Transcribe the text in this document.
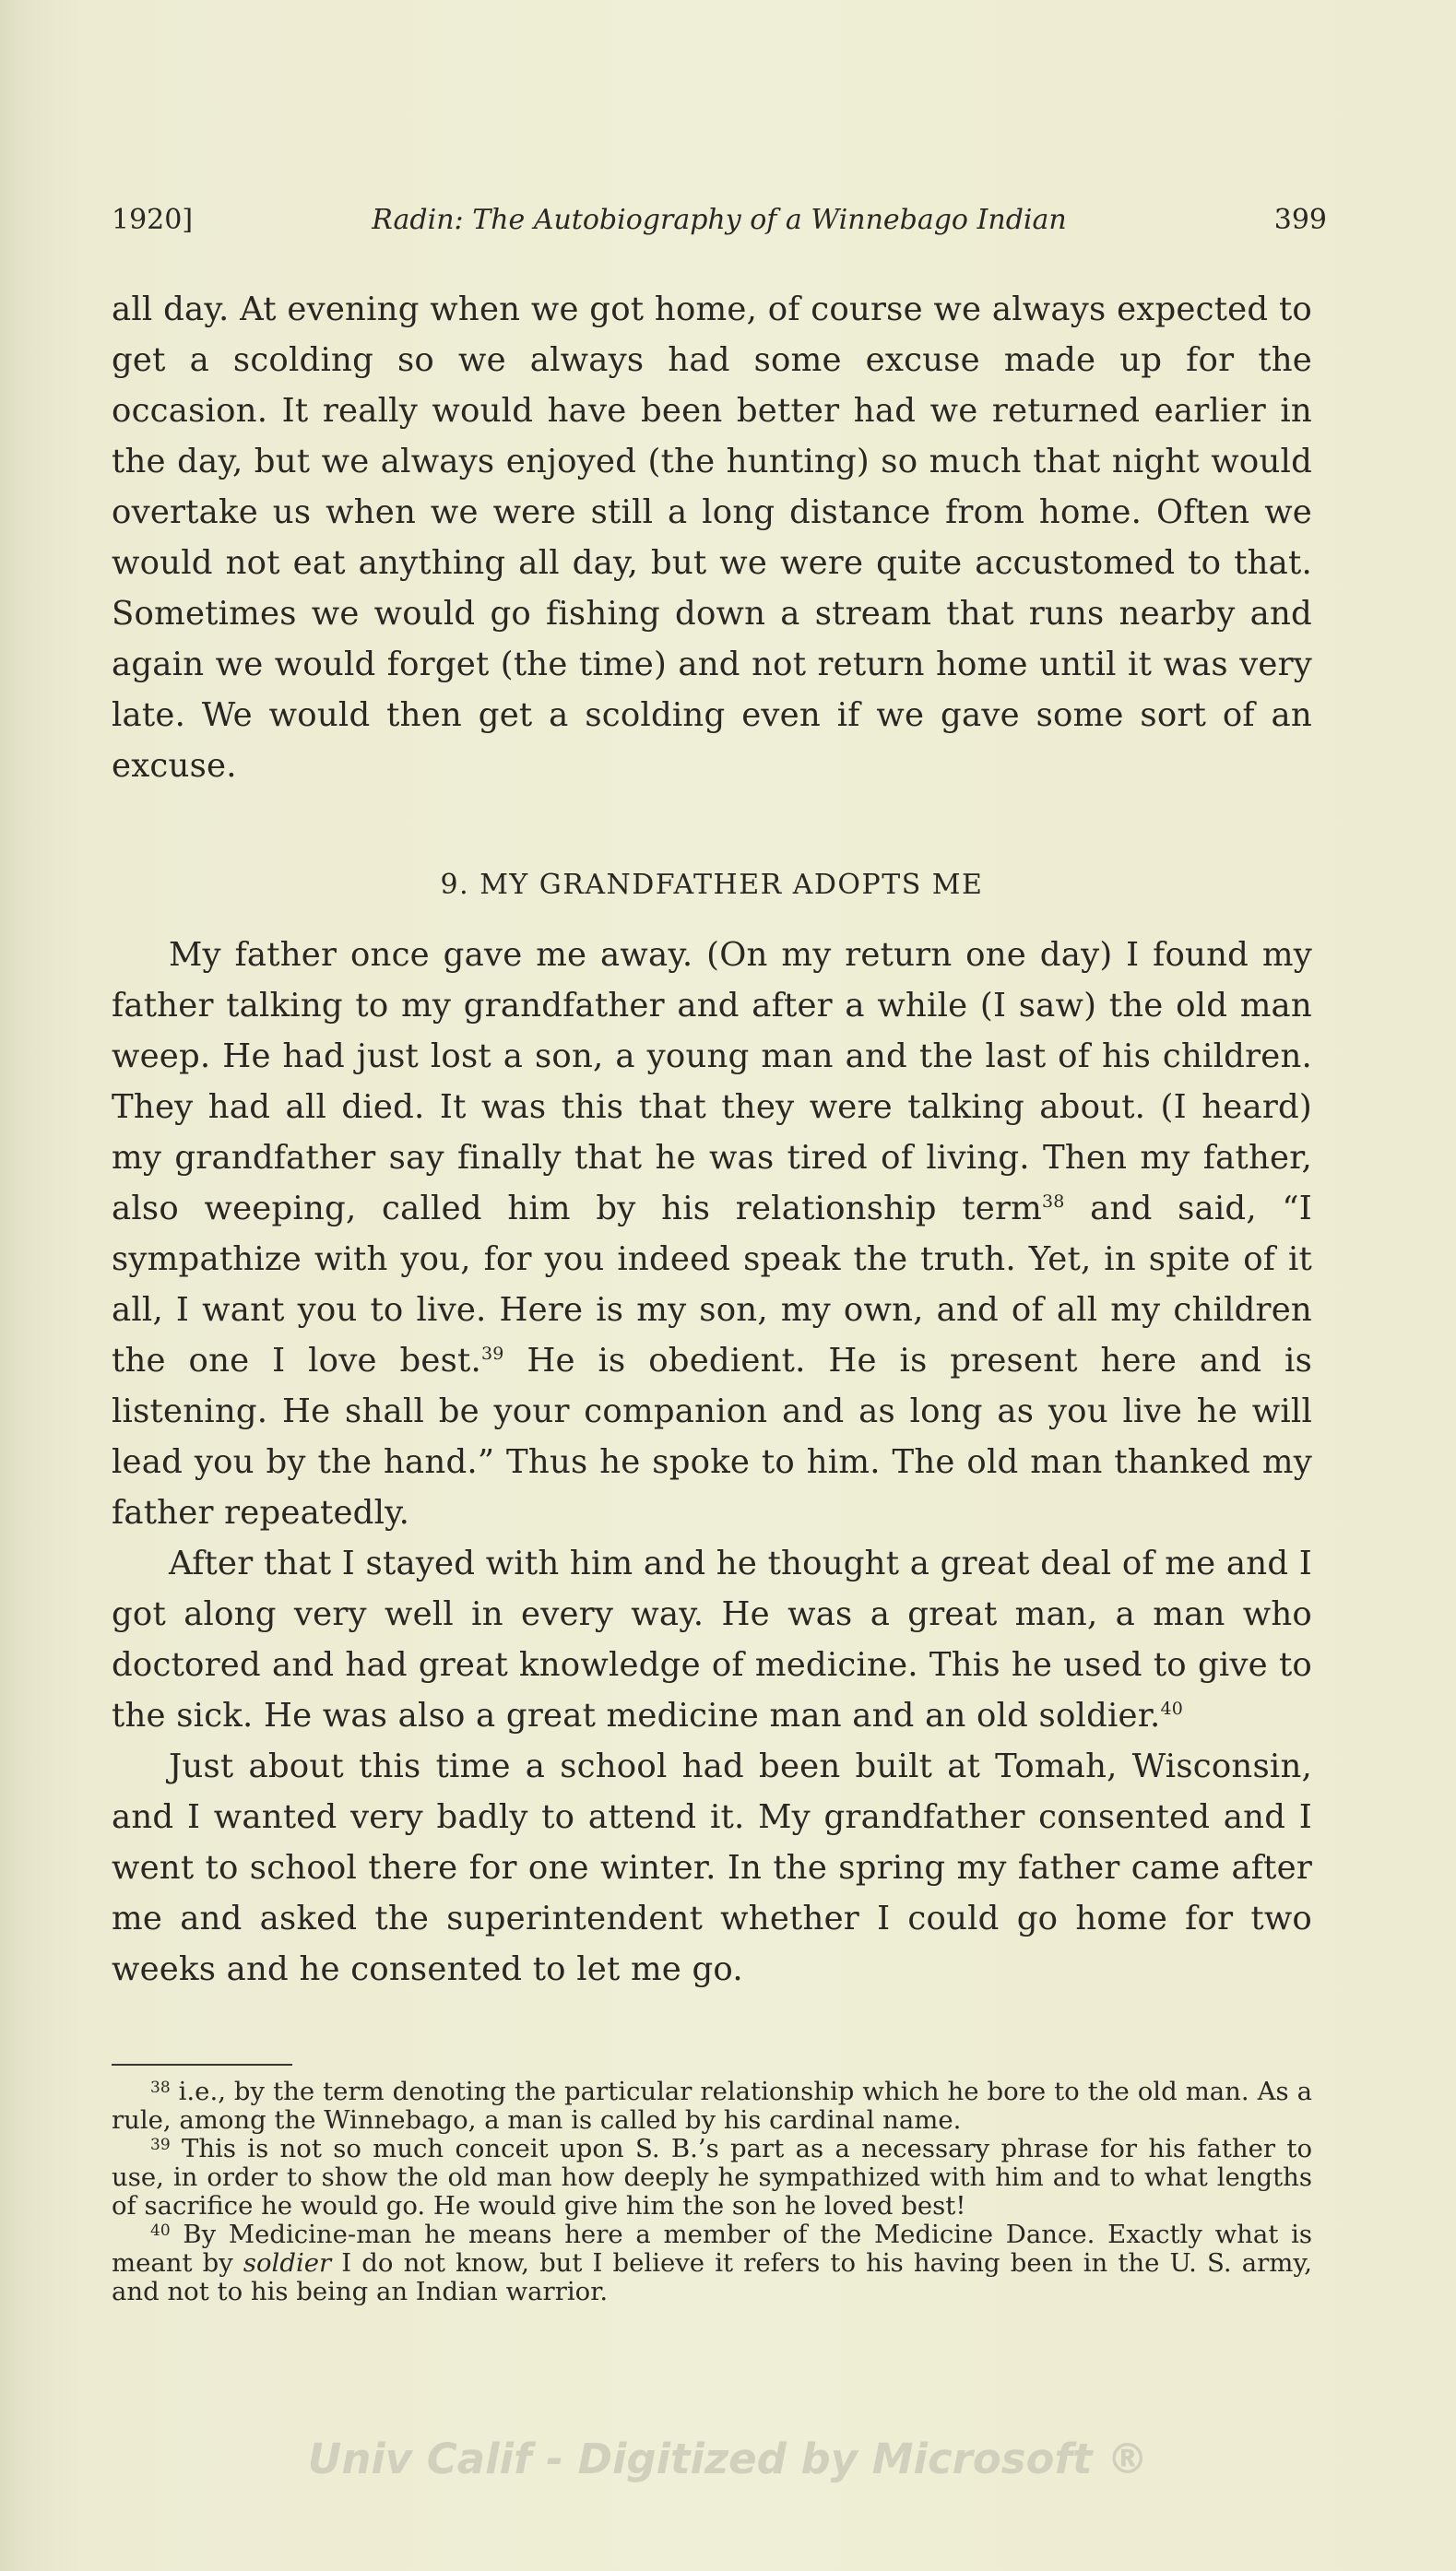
1920]	Radin: The Autobiography of a Winnebago Indian	399

all day. At evening when we got home, of course we always expected to get a scolding so we always had some excuse made up for the occasion. It really would have been better had we returned earlier in the day, but we always enjoyed (the hunting) so much that night would overtake us when we were still a long distance from home. Often we would not eat anything all day, but we were quite accustomed to that. Sometimes we would go fishing down a stream that runs nearby and again we would forget (the time) and not return home until it was very late. We would then get a scolding even if we gave some sort of an excuse.

9. MY GRANDFATHER ADOPTS ME

My father once gave me away. (On my return one day) I found my father talking to my grandfather and after a while (I saw) the old man weep. He had just lost a son, a young man and the last of his children. They had all died. It was this that they were talking about. (I heard) my grandfather say finally that he was tired of living. Then my father, also weeping, called him by his relationship term$^{38}$ and said, “I sympathize with you, for you indeed speak the truth. Yet, in spite of it all, I want you to live. Here is my son, my own, and of all my children the one I love best.$^{39}$ He is obedient. He is present here and is listening. He shall be your companion and as long as you live he will lead you by the hand.” Thus he spoke to him. The old man thanked my father repeatedly.

After that I stayed with him and he thought a great deal of me and I got along very well in every way. He was a great man, a man who doctored and had great knowledge of medicine. This he used to give to the sick. He was also a great medicine man and an old soldier.$^{40}$

Just about this time a school had been built at Tomah, Wisconsin, and I wanted very badly to attend it. My grandfather consented and I went to school there for one winter. In the spring my father came after me and asked the superintendent whether I could go home for two weeks and he consented to let me go.

$^{38}$ i.e., by the term denoting the particular relationship which he bore to the old man. As a rule, among the Winnebago, a man is called by his cardinal name.

$^{39}$ This is not so much conceit upon S. B.’s part as a necessary phrase for his father to use, in order to show the old man how deeply he sympathized with him and to what lengths of sacrifice he would go. He would give him the son he loved best!

$^{40}$ By Medicine-man he means here a member of the Medicine Dance. Exactly what is meant by soldier I do not know, but I believe it refers to his having been in the U. S. army, and not to his being an Indian warrior.

Univ Calif - Digitized by Microsoft ®
